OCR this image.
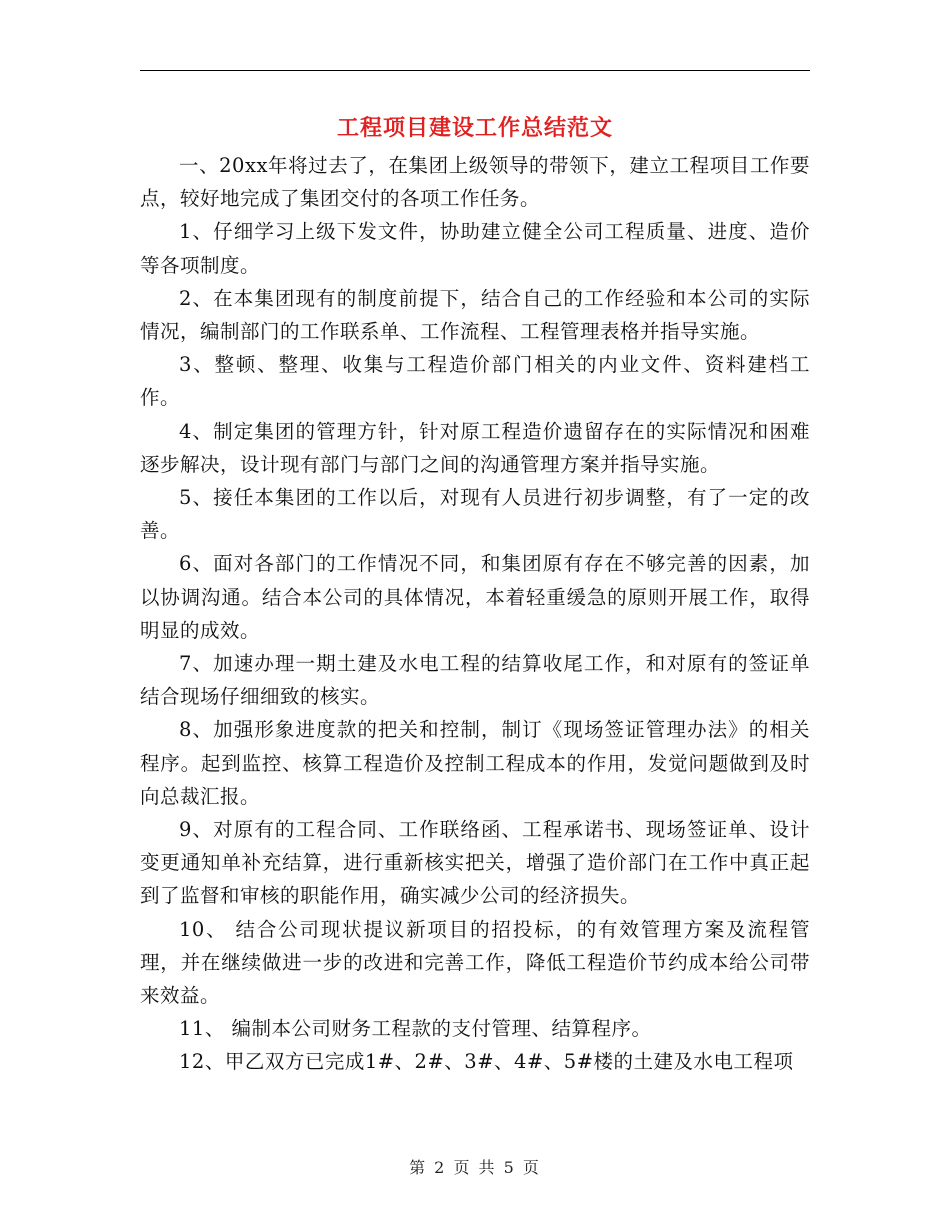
工程项目建设工作总结范文

一、20xx年将过去了，在集团上级领导的带领下，建立工程项目工作要点，较好地完成了集团交付的各项工作任务。

1、仔细学习上级下发文件，协助建立健全公司工程质量、进度、造价等各项制度。

2、在本集团现有的制度前提下，结合自己的工作经验和本公司的实际情况，编制部门的工作联系单、工作流程、工程管理表格并指导实施。

3、整顿、整理、收集与工程造价部门相关的内业文件、资料建档工作。

4、制定集团的管理方针，针对原工程造价遗留存在的实际情况和困难逐步解决，设计现有部门与部门之间的沟通管理方案并指导实施。

5、接任本集团的工作以后，对现有人员进行初步调整，有了一定的改善。

6、面对各部门的工作情况不同，和集团原有存在不够完善的因素，加以协调沟通。结合本公司的具体情况，本着轻重缓急的原则开展工作，取得明显的成效。

7、加速办理一期土建及水电工程的结算收尾工作，和对原有的签证单结合现场仔细细致的核实。

8、加强形象进度款的把关和控制，制订《现场签证管理办法》的相关程序。起到监控、核算工程造价及控制工程成本的作用，发觉问题做到及时向总裁汇报。

9、对原有的工程合同、工作联络函、工程承诺书、现场签证单、设计变更通知单补充结算，进行重新核实把关，增强了造价部门在工作中真正起到了监督和审核的职能作用，确实减少公司的经济损失。

10、 结合公司现状提议新项目的招投标，的有效管理方案及流程管理，并在继续做进一步的改进和完善工作，降低工程造价节约成本给公司带来效益。

11、 编制本公司财务工程款的支付管理、结算程序。

12、甲乙双方已完成1#、2#、3#、4#、5#楼的土建及水电工程项

第 2 页 共 5 页
